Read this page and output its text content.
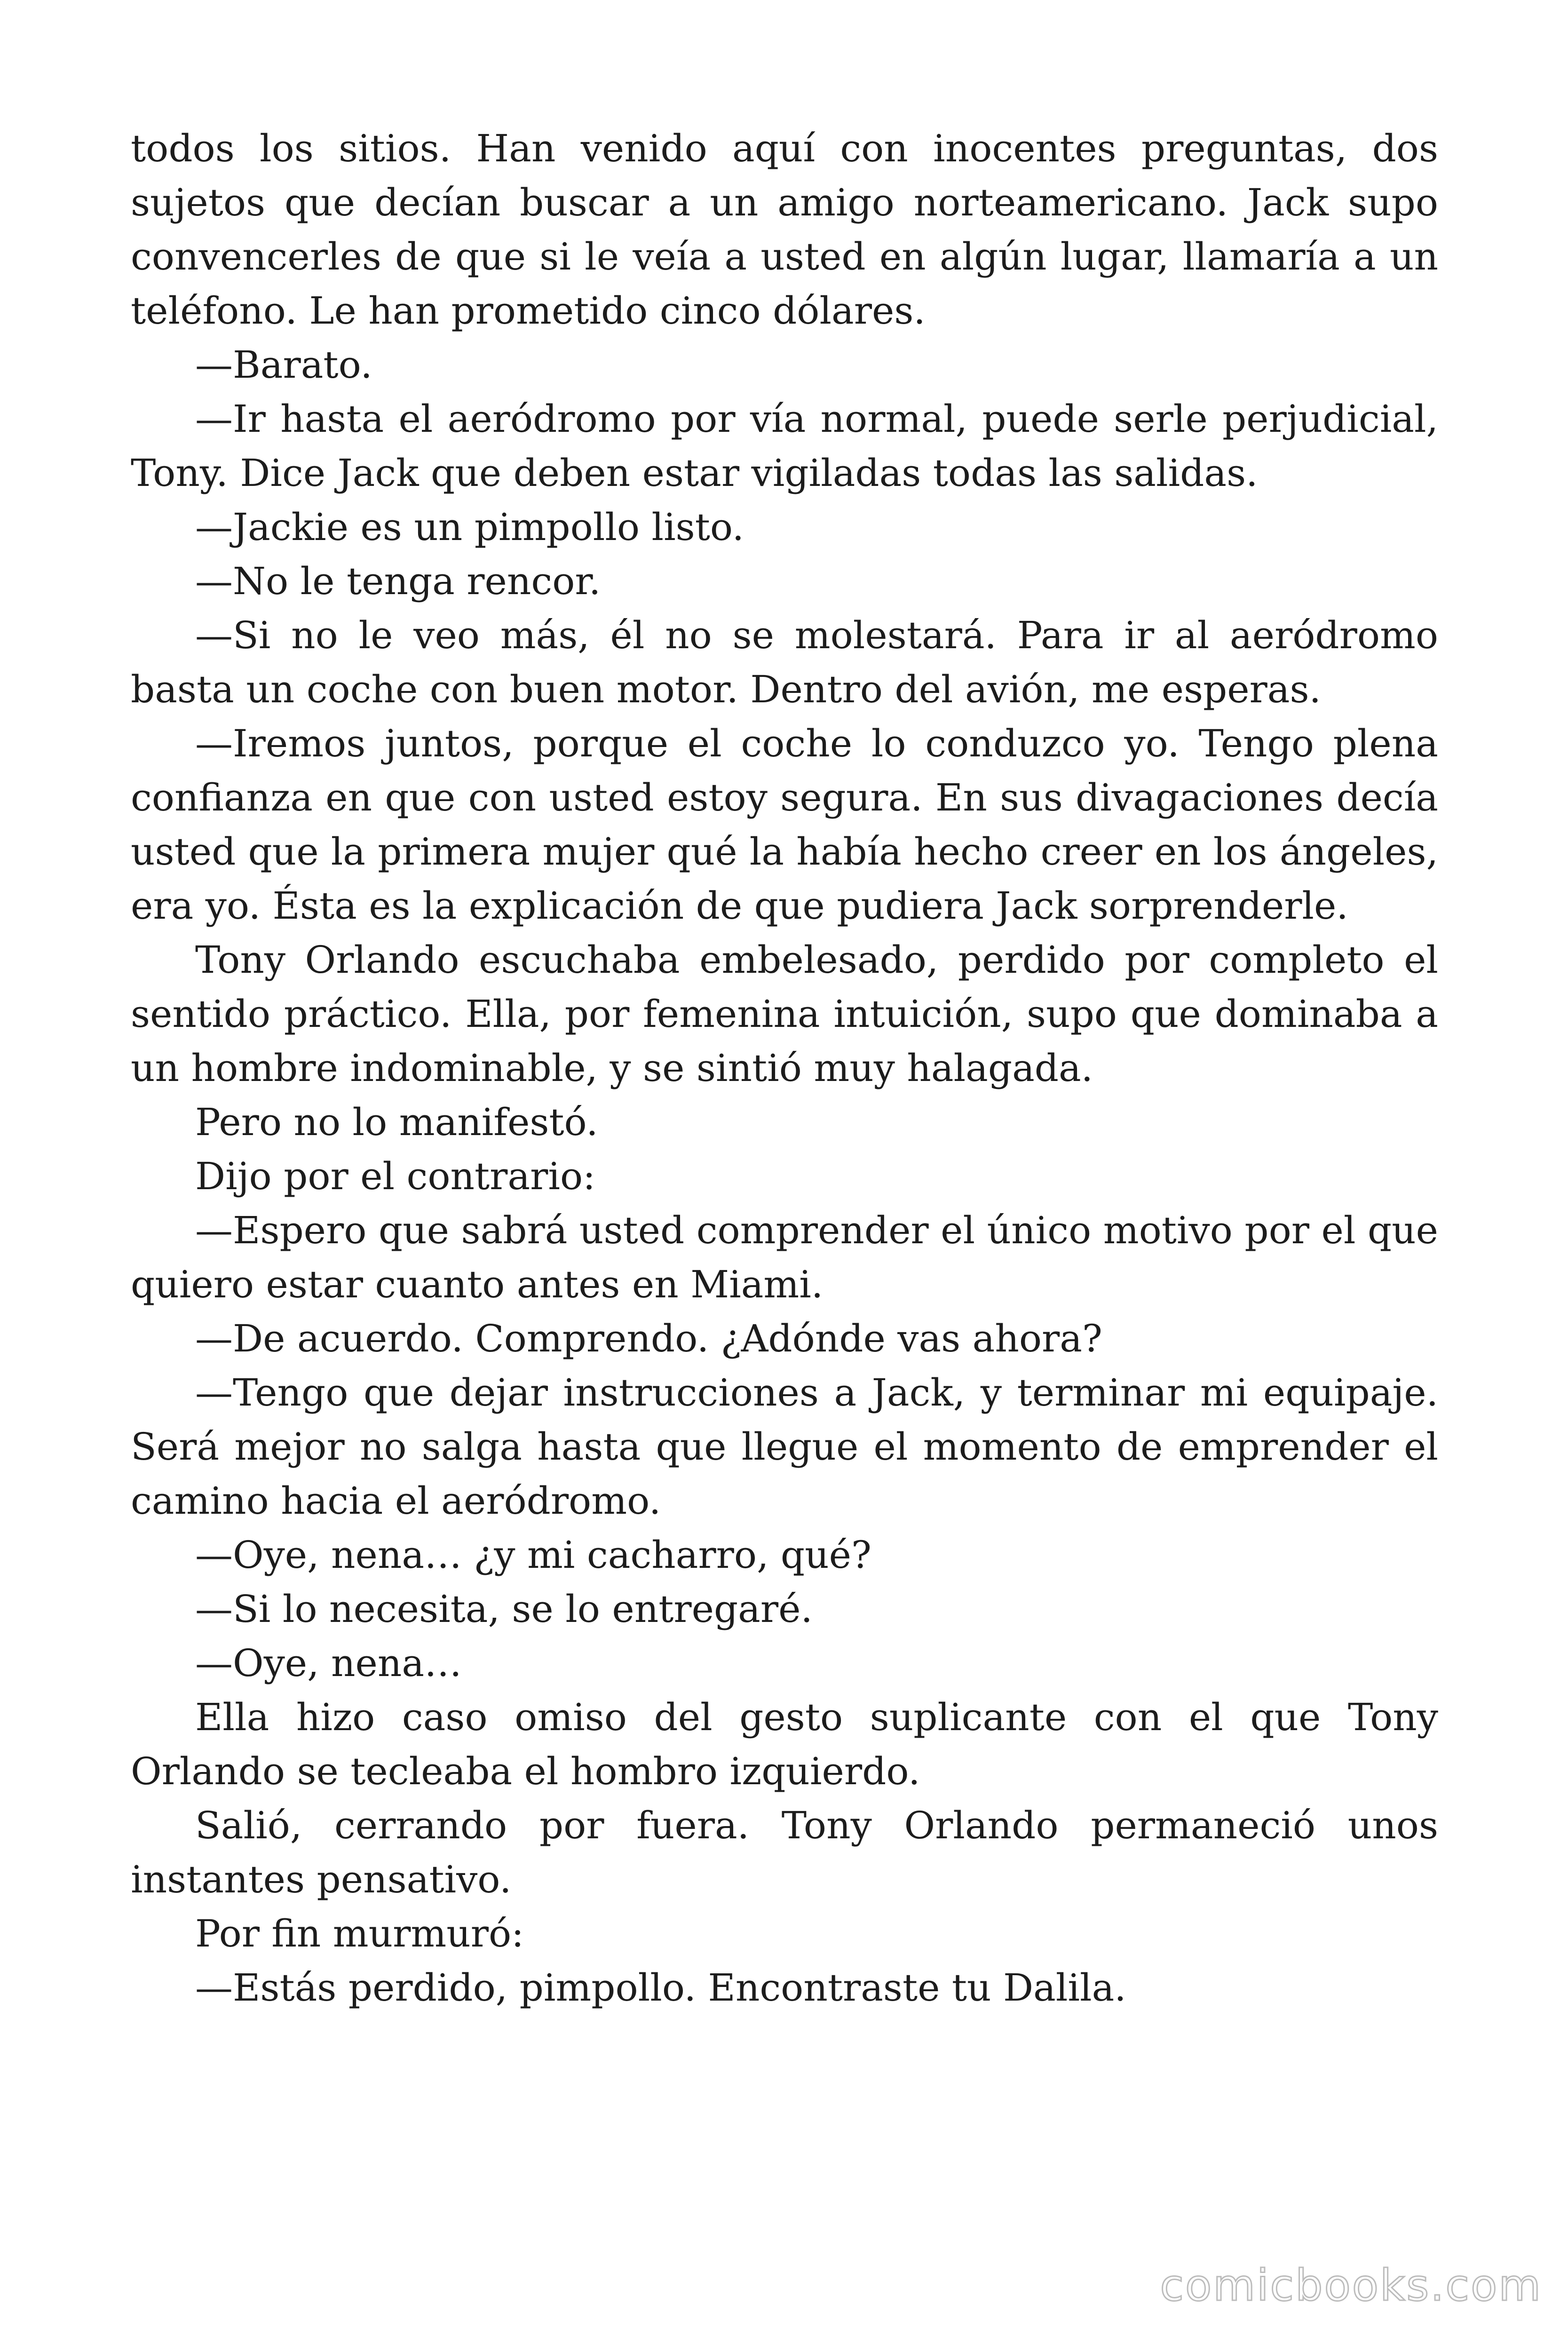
todos los sitios. Han venido aquí con inocentes preguntas, dos sujetos que decían buscar a un amigo norteamericano. Jack supo convencerles de que si le veía a usted en algún lugar, llamaría a un teléfono. Le han prometido cinco dólares.

—Barato.

—Ir hasta el aeródromo por vía normal, puede serle perjudicial, Tony. Dice Jack que deben estar vigiladas todas las salidas.

—Jackie es un pimpollo listo.

—No le tenga rencor.

—Si no le veo más, él no se molestará. Para ir al aeródromo basta un coche con buen motor. Dentro del avión, me esperas.

—Iremos juntos, porque el coche lo conduzco yo. Tengo plena confianza en que con usted estoy segura. En sus divagaciones decía usted que la primera mujer qué la había hecho creer en los ángeles, era yo. Ésta es la explicación de que pudiera Jack sorprenderle.

Tony Orlando escuchaba embelesado, perdido por completo el sentido práctico. Ella, por femenina intuición, supo que dominaba a un hombre indominable, y se sintió muy halagada.

Pero no lo manifestó.

Dijo por el contrario:

—Espero que sabrá usted comprender el único motivo por el que quiero estar cuanto antes en Miami.

—De acuerdo. Comprendo. ¿Adónde vas ahora?

—Tengo que dejar instrucciones a Jack, y terminar mi equipaje. Será mejor no salga hasta que llegue el momento de emprender el camino hacia el aeródromo.

—Oye, nena… ¿y mi cacharro, qué?

—Si lo necesita, se lo entregaré.

—Oye, nena…

Ella hizo caso omiso del gesto suplicante con el que Tony Orlando se tecleaba el hombro izquierdo.

Salió, cerrando por fuera. Tony Orlando permaneció unos instantes pensativo.

Por fin murmuró:

—Estás perdido, pimpollo. Encontraste tu Dalila.

comicbooks.com
